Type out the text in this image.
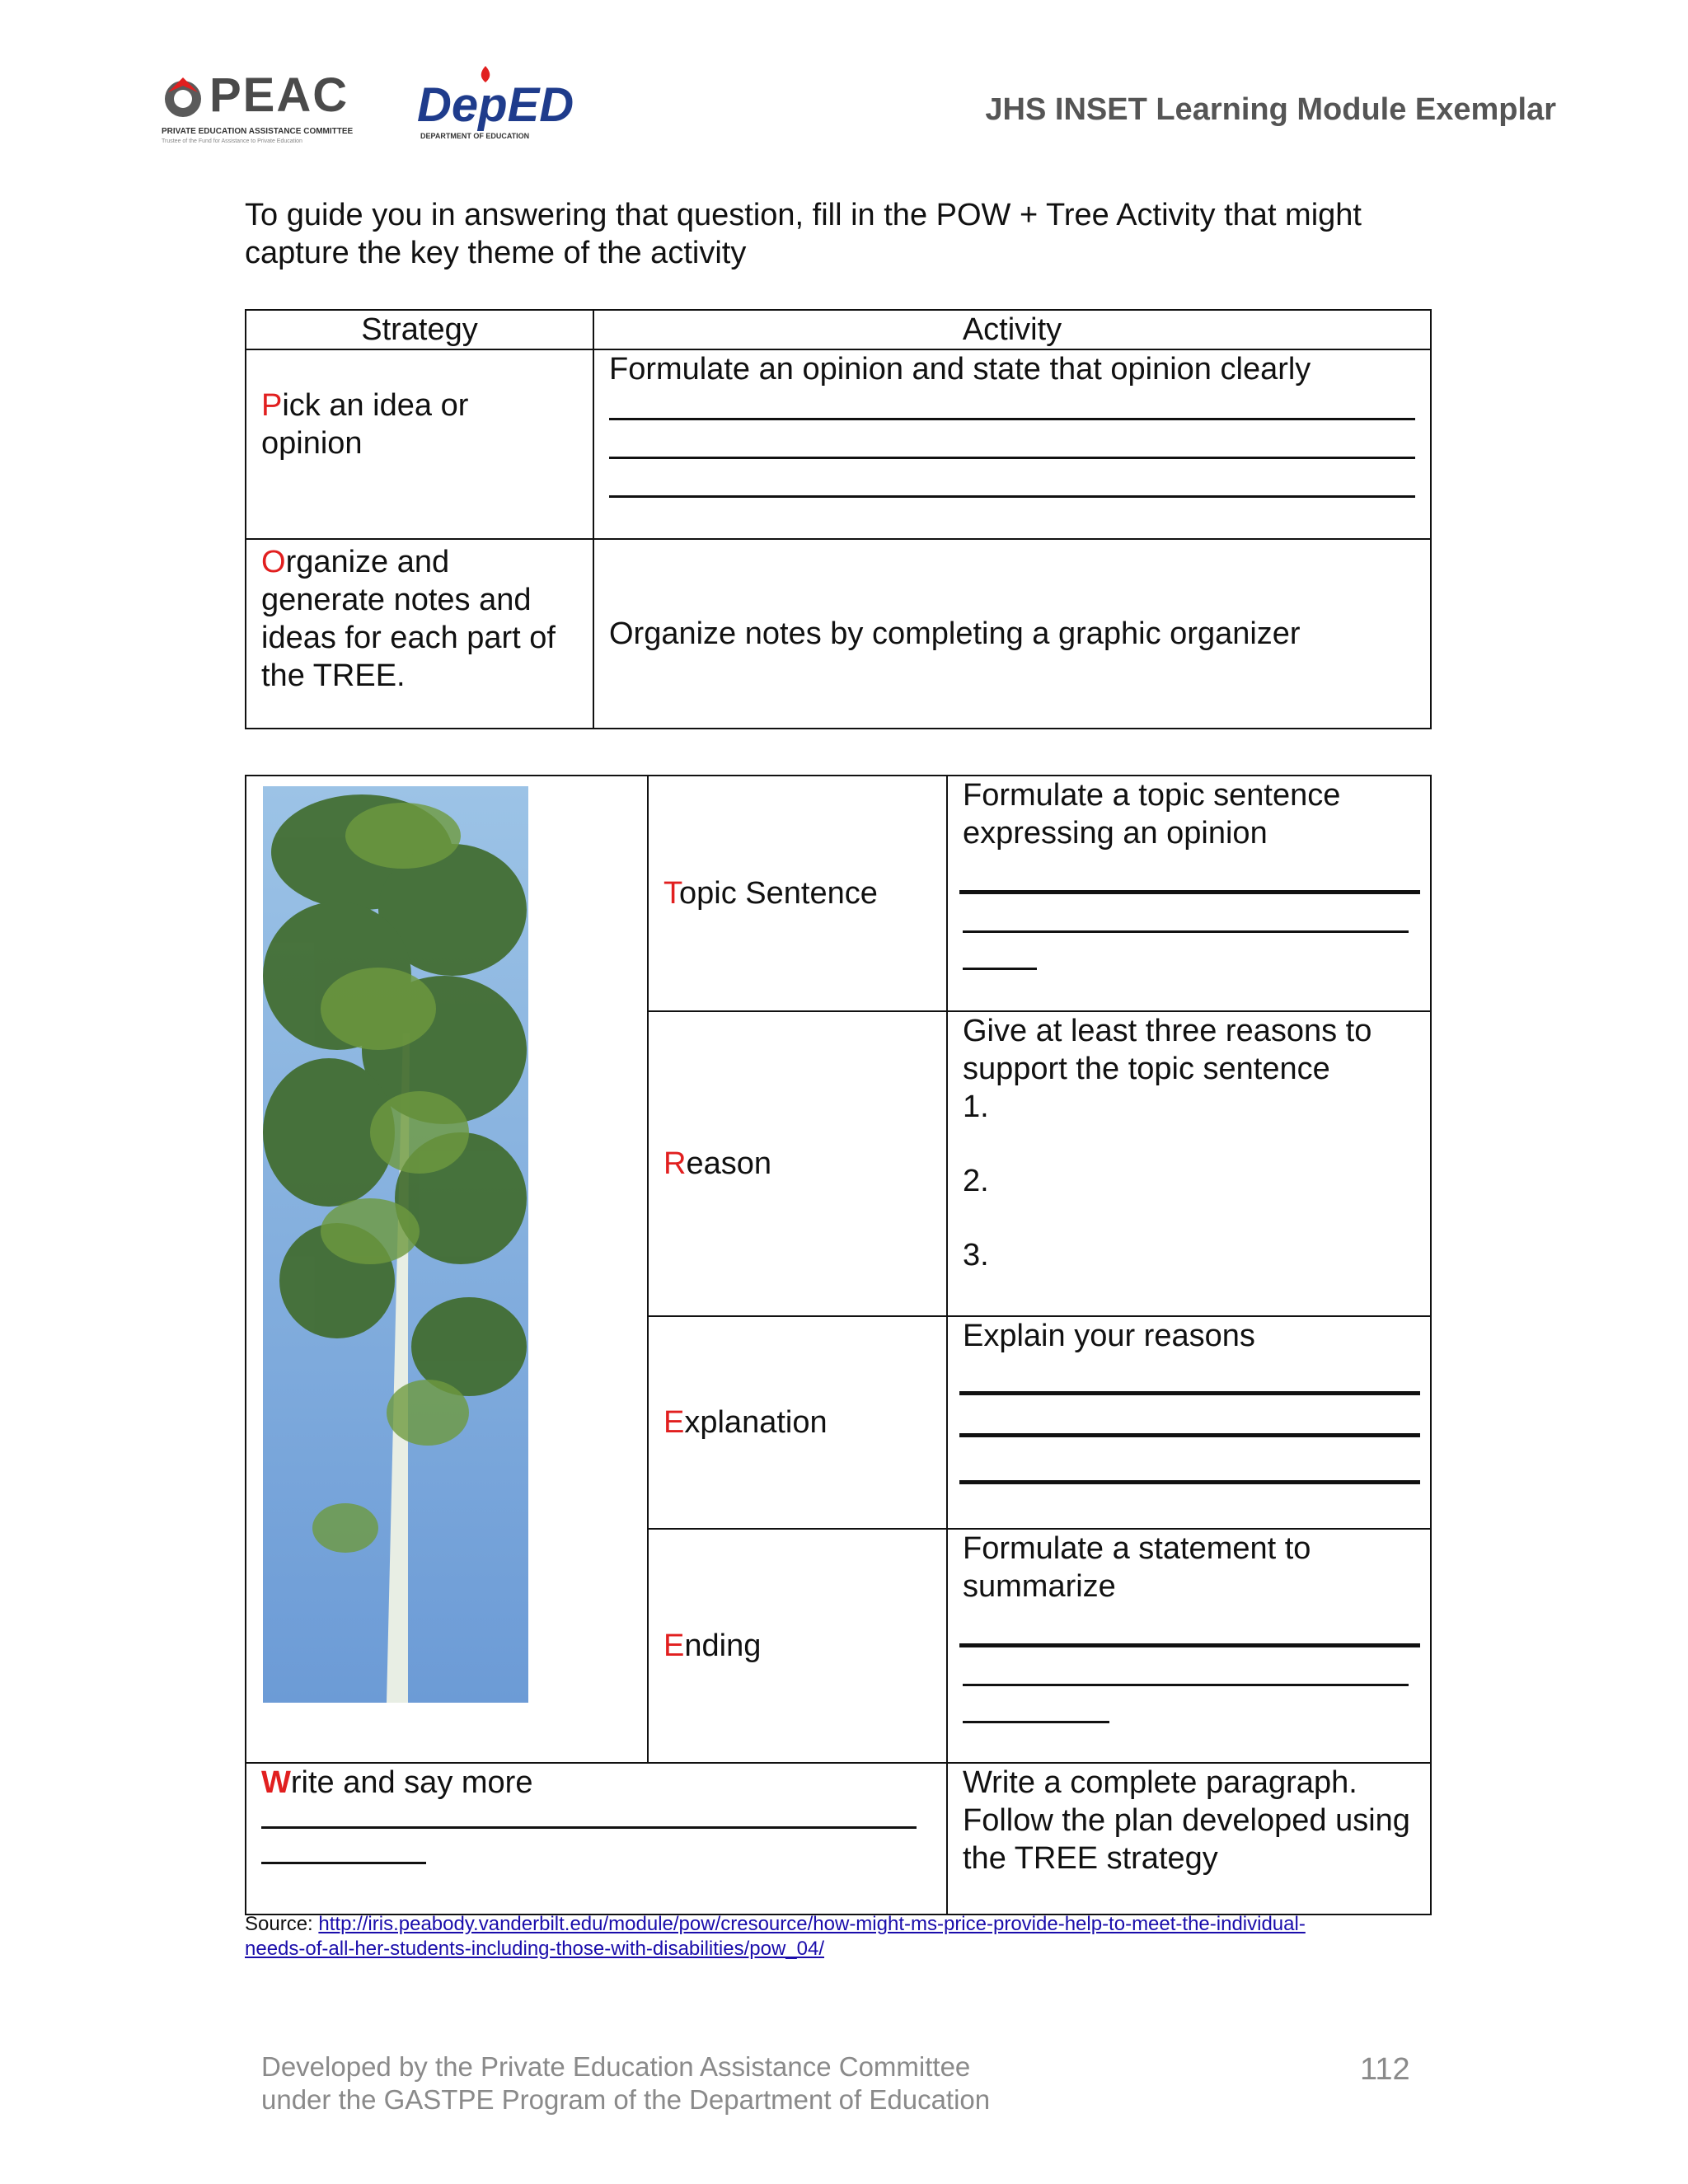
PEAC
PRIVATE EDUCATION ASSISTANCE COMMITTEE
Trustee of the Fund for Assistance to Private Education
DepED
DEPARTMENT OF EDUCATION
JHS INSET Learning Module Exemplar
To guide you in answering that question, fill in the POW + Tree Activity that might capture the key theme of the activity
Strategy	Activity

Pick an idea or opinion	Formulate an opinion and state that opinion clearly

Organize and generate notes and ideas for each part of the TREE.	Organize notes by completing a graphic organizer

Topic Sentence	Formulate a topic sentence expressing an opinion

	Reason	Give at least three reasons to support the topic sentence
1.
2.
3.

	Explanation	Explain your reasons

	Ending	Formulate a statement to summarize

Write and say more		Write a complete paragraph. Follow the plan developed using the TREE strategy
Source: http://iris.peabody.vanderbilt.edu/module/pow/cresource/how-might-ms-price-provide-help-to-meet-the-individual-
needs-of-all-her-students-including-those-with-disabilities/pow_04/
Developed by the Private Education Assistance Committee
under the GASTPE Program of the Department of Education
112
